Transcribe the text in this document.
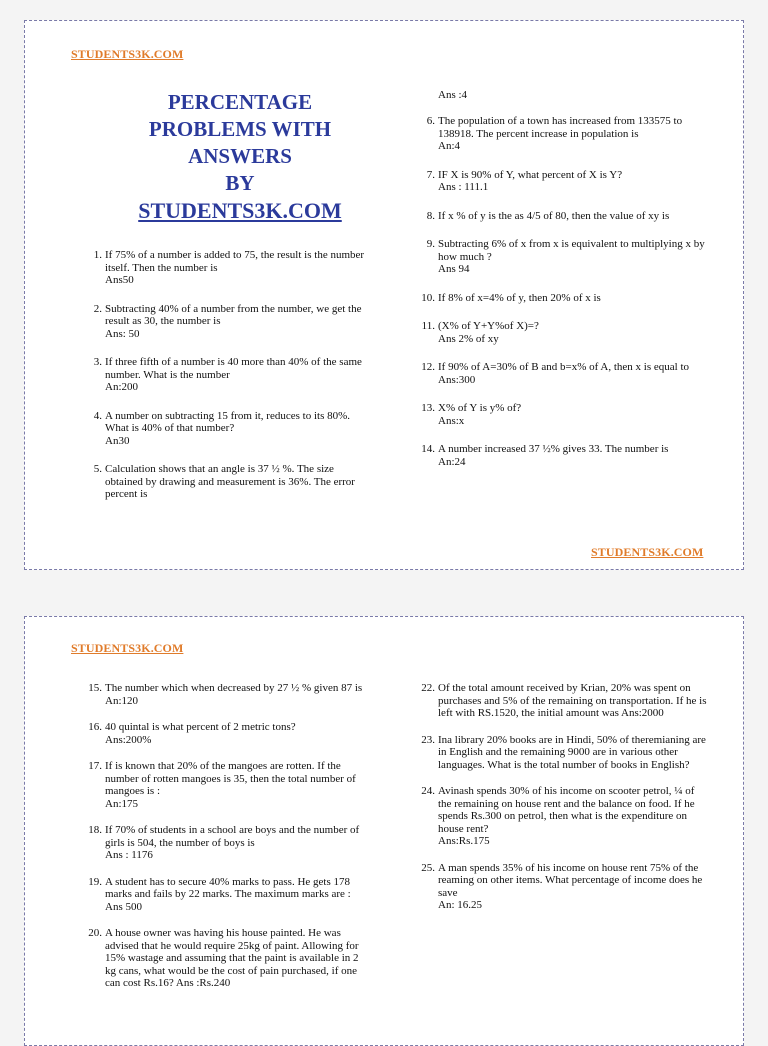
STUDENTS3K.COM
PERCENTAGE
PROBLEMS WITH
ANSWERS
BY
STUDENTS3K.COM

1. If 75% of a number is added to 75, the result is the number itself. Then the number is
Ans50

2. Subtracting 40% of a number from the number, we get the result as 30, the number is
Ans: 50

3. If three fifth of a number is 40 more than 40% of the same number. What is the number
An:200

4. A number on subtracting 15 from it, reduces to its 80%. What is 40% of that number?
An30

5. Calculation shows that an angle is 37 ½ %. The size obtained by drawing and measurement is 36%. The error percent is

Ans :4

6. The population of a town has increased from 133575 to 138918. The percent increase in population is
An:4

7. IF X is 90% of Y, what percent of X is Y?
Ans : 111.1

8. If x % of y is the as 4/5 of 80, then the value of xy is

9. Subtracting 6% of x from x is equivalent to multiplying x by how much ?
Ans 94

10. If 8% of x=4% of y, then 20% of x is

11. (X% of Y+Y%of X)=?
Ans 2% of xy

12. If 90% of A=30% of B and b=x% of A, then x is equal to
Ans:300

13. X% of Y is y% of?
Ans:x

14. A number increased 37 ½% gives 33. The number is
An:24

STUDENTS3K.COM
STUDENTS3K.COM

15. The number which when decreased by 27 ½ % given 87 is
An:120

16. 40 quintal is what percent of 2 metric tons?
Ans:200%

17. If is known that 20% of the mangoes are rotten. If the number of rotten mangoes is 35, then the total number of mangoes is :
An:175

18. If 70% of students in a school are boys and the number of girls is 504, the number of boys is
Ans : 1176

19. A student has to secure 40% marks to pass. He gets 178 marks and fails by 22 marks. The maximum marks are :
Ans 500

20. A house owner was having his house painted. He was advised that he would require 25kg of paint. Allowing for 15% wastage and assuming that the paint is available in 2 kg cans, what would be the cost of pain purchased, if one can cost Rs.16? Ans :Rs.240

22. Of the total amount received by Krian, 20% was spent on purchases and 5% of the remaining on transportation. If he is left with RS.1520, the initial amount was Ans:2000

23. Ina library 20% books are in Hindi, 50% of theremianing are in English and the remaining 9000 are in various other languages. What is the total number of books in English?

24. Avinash spends 30% of his income on scooter petrol, ¼ of the remaining on house rent and the balance on food. If he spends Rs.300 on petrol, then what is the expenditure on house rent?
Ans:Rs.175

25. A man spends 35% of his income on house rent 75% of the reaming on other items. What percentage of income does he save
An: 16.25
